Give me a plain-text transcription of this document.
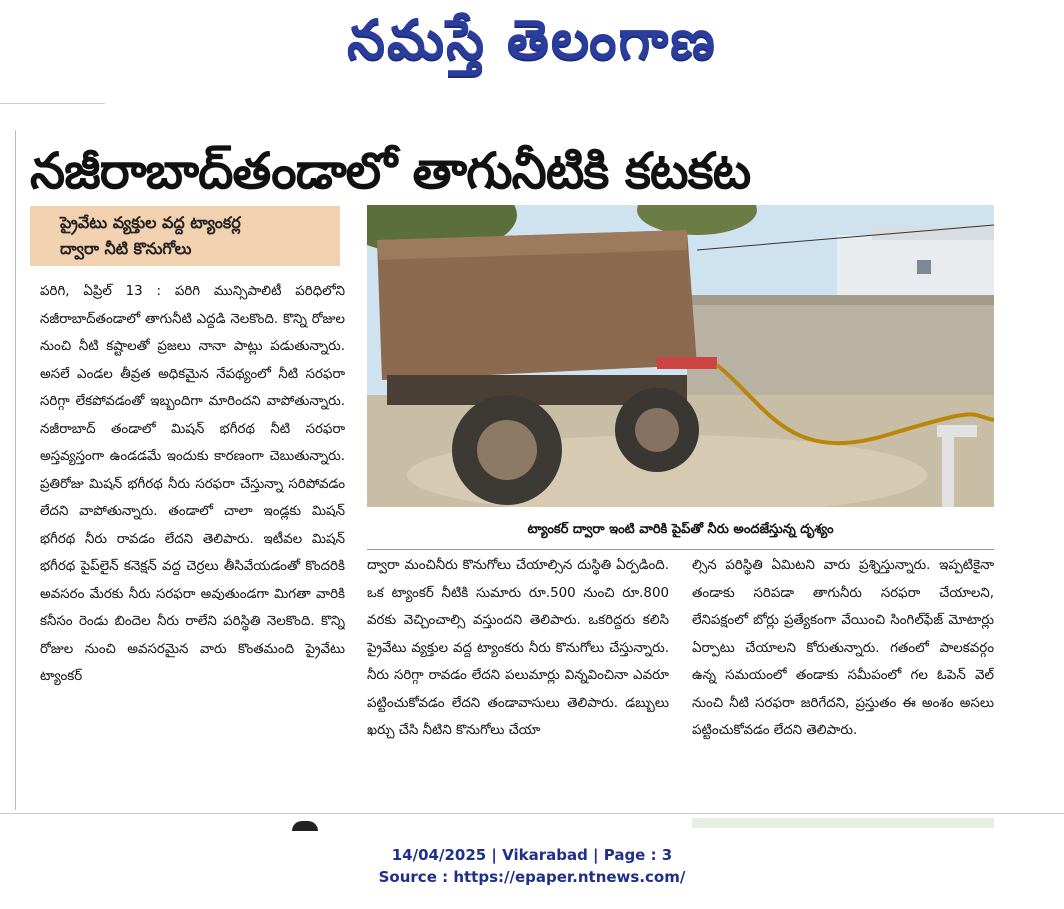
నమస్తే తెలంగాణ
నజీరాబాద్‌తండాలో తాగునీటికి కటకట
ప్రైవేటు వ్యక్తుల వద్ద ట్యాంకర్ల
ద్వారా నీటి కొనుగోలు
ట్యాంకర్ ద్వారా ఇంటి వారికి పైప్‌తో నీరు అందజేస్తున్న దృశ్యం
పరిగి, ఏప్రిల్ 13 : పరిగి మున్సిపాలిటీ పరిధిలోని నజీరాబాద్‌తండాలో తాగునీటి ఎద్దడి నెలకొంది. కొన్ని రోజుల నుంచి నీటి కష్టాలతో ప్రజలు నానా పాట్లు పడుతున్నారు. అసలే ఎండల తీవ్రత అధికమైన నేపథ్యంలో నీటి సరఫరా సరిగ్గా లేకపోవడంతో ఇబ్బందిగా మారిందని వాపోతున్నారు. నజీరాబాద్ తండాలో మిషన్ భగీరథ నీటి సరఫరా అస్తవ్యస్తంగా ఉండడమే ఇందుకు కారణంగా చెబుతున్నారు. ప్రతిరోజు మిషన్ భగీరథ నీరు సరఫరా చేస్తున్నా సరిపోవడం లేదని వాపోతున్నారు. తండాలో చాలా ఇండ్లకు మిషన్ భగీరథ నీరు రావడం లేదని తెలిపారు. ఇటీవల మిషన్ భగీరథ పైప్‌లైన్ కనెక్షన్ వద్ద చెర్రలు తీసివేయడంతో కొందరికి అవసరం మేరకు నీరు సరఫరా అవుతుండగా మిగతా వారికి కనీసం రెండు బిందెల నీరు రాలేని పరిస్థితి నెలకొంది. కొన్ని రోజుల నుంచి అవసరమైన వారు కొంతమంది ప్రైవేటు ట్యాంకర్
ద్వారా మంచినీరు కొనుగోలు చేయాల్సిన దుస్థితి ఏర్పడింది. ఒక ట్యాంకర్ నీటికి సుమారు రూ.500 నుంచి రూ.800 వరకు వెచ్చించాల్సి వస్తుందని తెలిపారు. ఒకరిద్దరు కలిసి ప్రైవేటు వ్యక్తుల వద్ద ట్యాంకరు నీరు కొనుగోలు చేస్తున్నారు. నీరు సరిగ్గా రావడం లేదని పలుమార్లు విన్నవించినా ఎవరూ పట్టించుకోవడం లేదని తండావాసులు తెలిపారు. డబ్బులు ఖర్చు చేసి నీటిని కొనుగోలు చేయా
ల్సిన పరిస్థితి ఏమిటని వారు ప్రశ్నిస్తున్నారు. ఇప్పటికైనా తండాకు సరిపడా తాగునీరు సరఫరా చేయాలని, లేనిపక్షంలో బోర్లు ప్రత్యేకంగా వేయించి సింగిల్‌ఫేజ్ మోటార్లు ఏర్పాటు చేయాలని కోరుతున్నారు. గతంలో పాలకవర్గం ఉన్న సమయంలో తండాకు సమీపంలో గల ఓపెన్ వెల్ నుంచి నీటి సరఫరా జరిగేదని, ప్రస్తుతం ఈ అంశం అసలు పట్టించుకోవడం లేదని తెలిపారు.
14/04/2025 | Vikarabad | Page : 3
Source : https://epaper.ntnews.com/
